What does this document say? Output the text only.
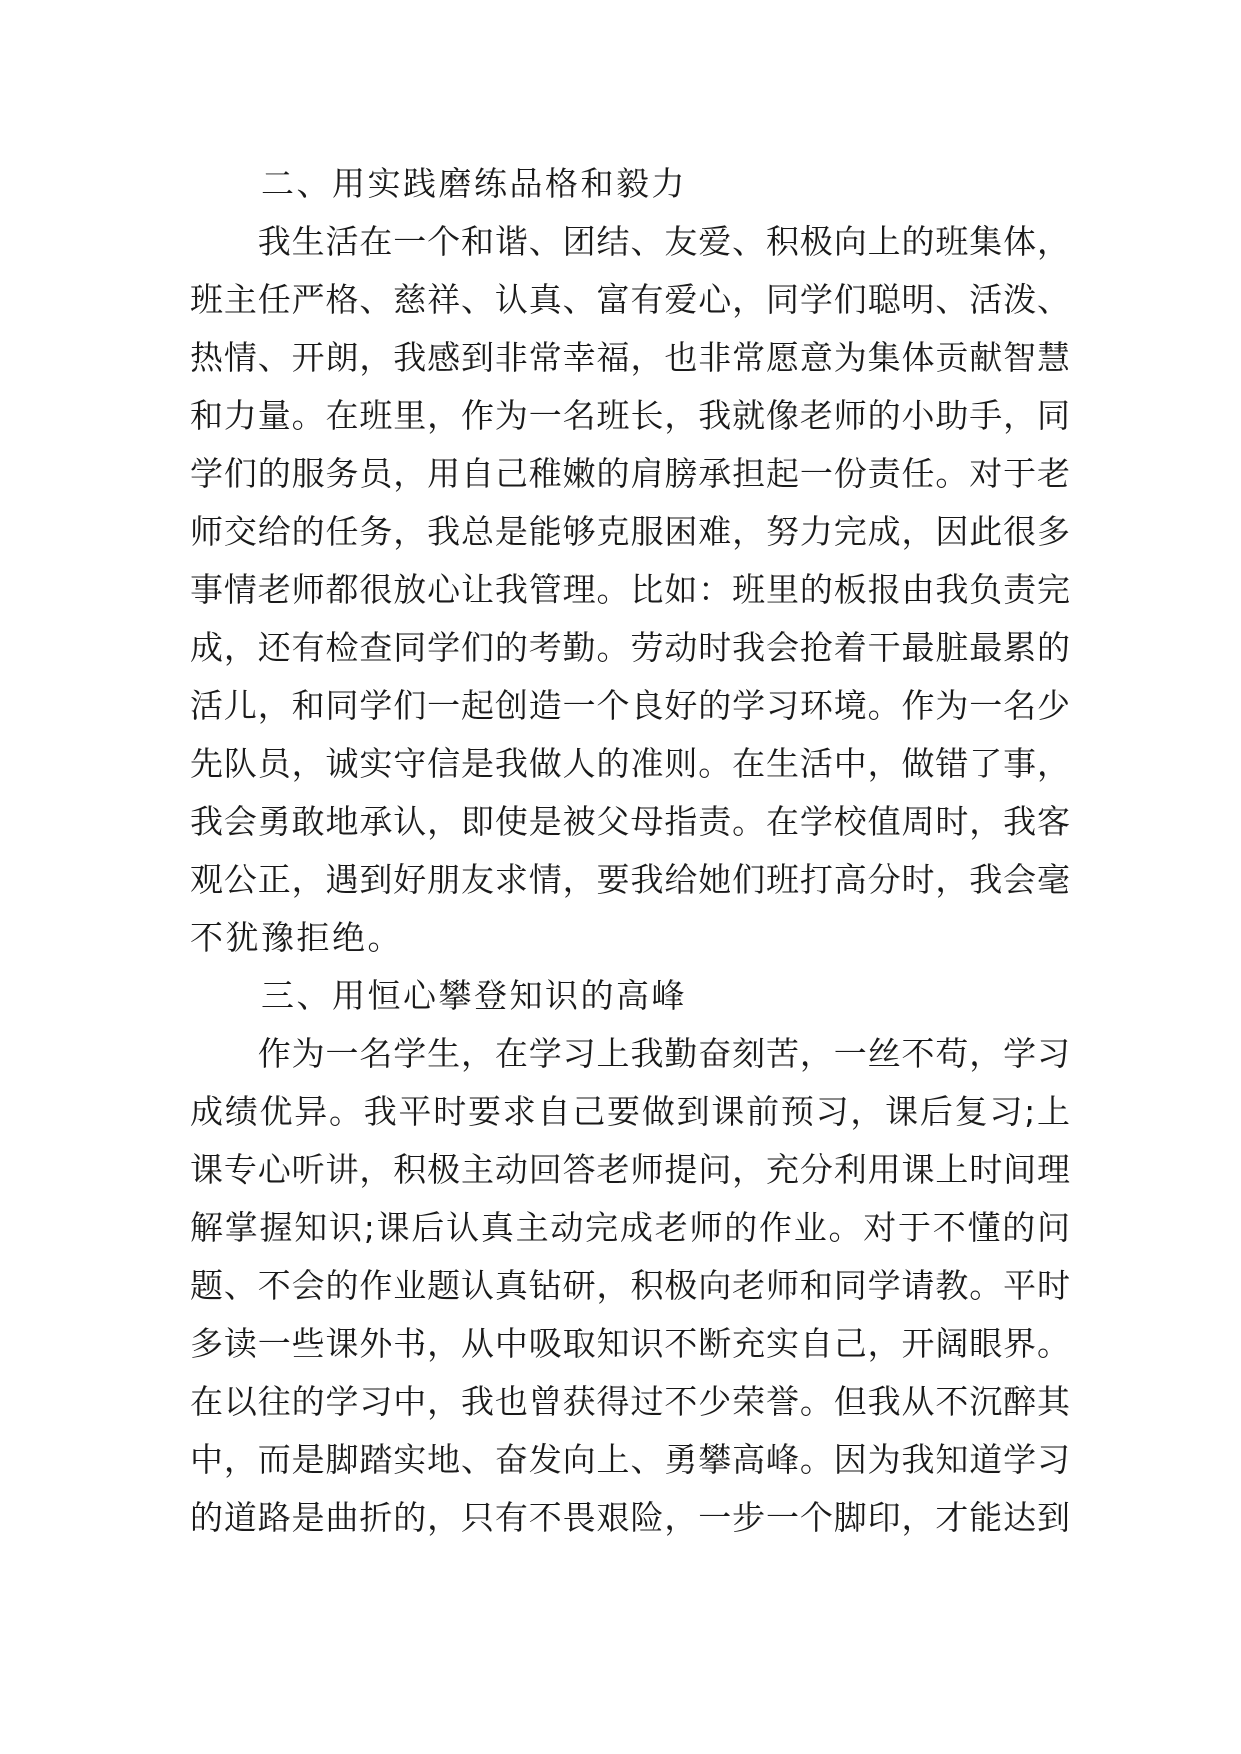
　　二、用实践磨练品格和毅力
　　我生活在一个和谐、团结、友爱、积极向上的班集体，
班主任严格、慈祥、认真、富有爱心，同学们聪明、活泼、
热情、开朗，我感到非常幸福，也非常愿意为集体贡献智慧
和力量。在班里，作为一名班长，我就像老师的小助手，同
学们的服务员，用自己稚嫩的肩膀承担起一份责任。对于老
师交给的任务，我总是能够克服困难，努力完成，因此很多
事情老师都很放心让我管理。比如：班里的板报由我负责完
成，还有检查同学们的考勤。劳动时我会抢着干最脏最累的
活儿，和同学们一起创造一个良好的学习环境。作为一名少
先队员，诚实守信是我做人的准则。在生活中，做错了事，
我会勇敢地承认，即使是被父母指责。在学校值周时，我客
观公正，遇到好朋友求情，要我给她们班打高分时，我会毫
不犹豫拒绝。
　　三、用恒心攀登知识的高峰
　　作为一名学生，在学习上我勤奋刻苦，一丝不苟，学习
成绩优异。我平时要求自己要做到课前预习，课后复习;上
课专心听讲，积极主动回答老师提问，充分利用课上时间理
解掌握知识;课后认真主动完成老师的作业。对于不懂的问
题、不会的作业题认真钻研，积极向老师和同学请教。平时
多读一些课外书，从中吸取知识不断充实自己，开阔眼界。
在以往的学习中，我也曾获得过不少荣誉。但我从不沉醉其
中，而是脚踏实地、奋发向上、勇攀高峰。因为我知道学习
的道路是曲折的，只有不畏艰险，一步一个脚印，才能达到
